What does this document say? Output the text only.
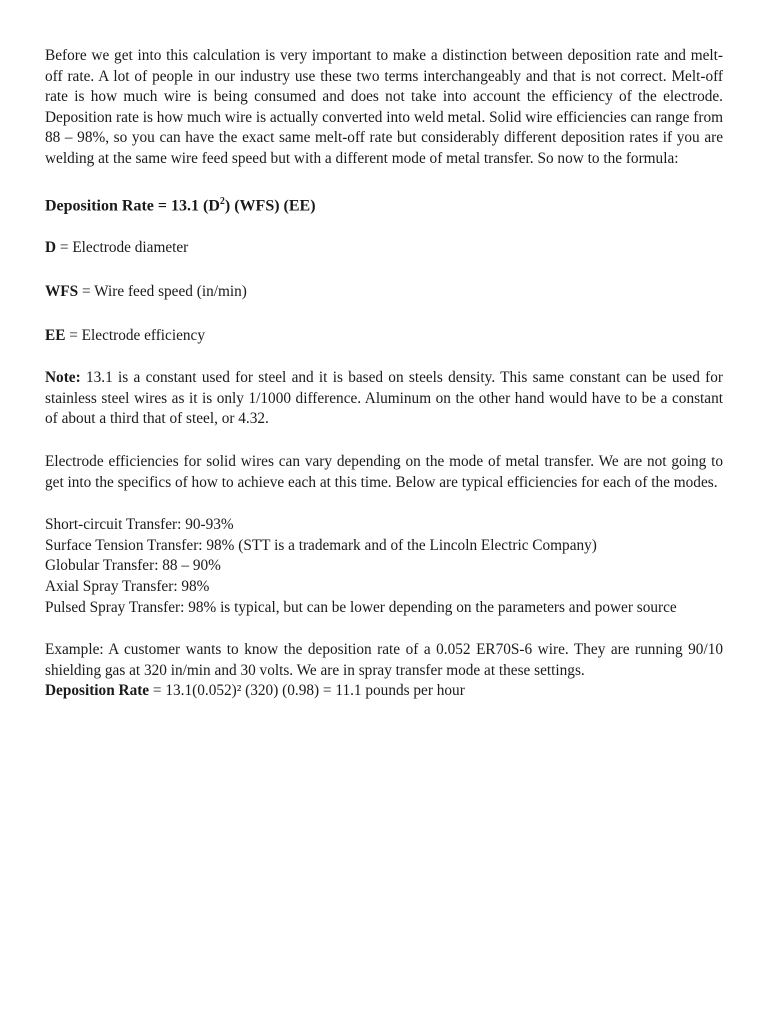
Before we get into this calculation is very important to make a distinction between deposition rate and melt-off rate. A lot of people in our industry use these two terms interchangeably and that is not correct. Melt-off rate is how much wire is being consumed and does not take into account the efficiency of the electrode. Deposition rate is how much wire is actually converted into weld metal. Solid wire efficiencies can range from 88 – 98%, so you can have the exact same melt-off rate but considerably different deposition rates if you are welding at the same wire feed speed but with a different mode of metal transfer. So now to the formula:

Deposition Rate = 13.1 $(D^2)$ (WFS) (EE)

D = Electrode diameter

WFS = Wire feed speed (in/min)

EE = Electrode efficiency

Note: 13.1 is a constant used for steel and it is based on steels density. This same constant can be used for stainless steel wires as it is only 1/1000 difference. Aluminum on the other hand would have to be a constant of about a third that of steel, or 4.32.

Electrode efficiencies for solid wires can vary depending on the mode of metal transfer. We are not going to get into the specifics of how to achieve each at this time. Below are typical efficiencies for each of the modes.

Short-circuit Transfer: 90-93%

Surface Tension Transfer: 98% (STT is a trademark and of the Lincoln Electric Company)

Globular Transfer: 88 – 90%

Axial Spray Transfer: 98%

Pulsed Spray Transfer: 98% is typical, but can be lower depending on the parameters and power source

Example: A customer wants to know the deposition rate of a 0.052 ER70S-6 wire. They are running 90/10 shielding gas at 320 in/min and 30 volts. We are in spray transfer mode at these settings.

Deposition Rate = 13.1(0.052)² (320) (0.98) = 11.1 pounds per hour
